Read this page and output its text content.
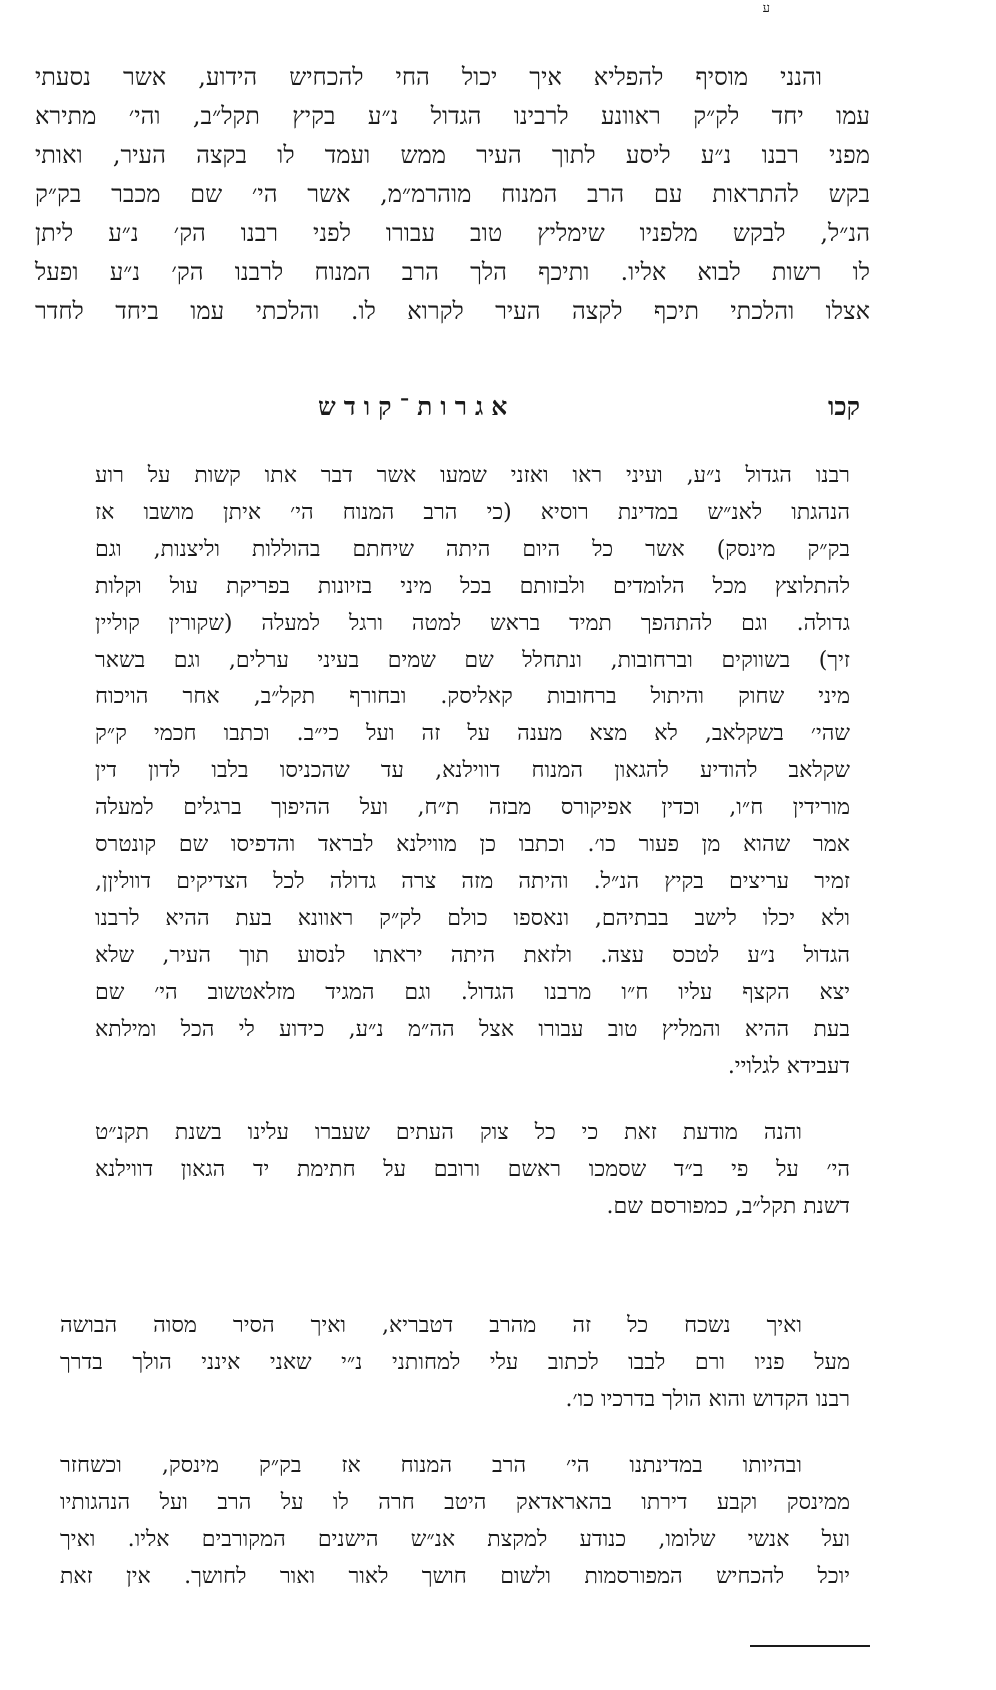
ע
והנני מוסיף להפליא איך יכול החי להכחיש הידוע, אשר נסעתי
עמו יחד לק״ק ראוונע לרבינו הגדול נ״ע בקיץ תקל״ב, והי׳ מתירא
מפני רבנו נ״ע ליסע לתוך העיר ממש ועמד לו בקצה העיר, ואותי
בקש להתראות עם הרב המנוח מוהרמ״מ, אשר הי׳ שם מכבר בק״ק
הנ״ל, לבקש מלפניו שימליץ טוב עבורו לפני רבנו הק׳ נ״ע ליתן
לו רשות לבוא אליו. ותיכף הלך הרב המנוח לרבנו הק׳ נ״ע ופעל
אצלו והלכתי תיכף לקצה העיר לקרוא לו. והלכתי עמו ביחד לחדר
קכו
אגרות־קודש
רבנו הגדול נ״ע, ועיני ראו ואזני שמעו אשר דבר אתו קשות על רוע
הנהגתו לאנ״ש במדינת רוסיא (כי הרב המנוח הי׳ איתן מושבו אז
בק״ק מינסק) אשר כל היום היתה שיחתם בהוללות וליצנות, וגם
להתלוצץ מכל הלומדים ולבזותם בכל מיני בזיונות בפריקת עול וקלות
גדולה. וגם להתהפך תמיד בראש למטה ורגל למעלה (שקורין קוליין
זיך) בשווקים וברחובות, ונתחלל שם שמים בעיני ערלים, וגם בשאר
מיני שחוק והיתול ברחובות קאליסק. ובחורף תקל״ב, אחר הויכוח
שהי׳ בשקלאב, לא מצא מענה על זה ועל כי״ב. וכתבו חכמי ק״ק
שקלאב להודיע להגאון המנוח דווילנא, עד שהכניסו בלבו לדון דין
מורידין ח״ו, וכדין אפיקורס מבזה ת״ח, ועל ההיפוך ברגלים למעלה
אמר שהוא מן פעור כו׳. וכתבו כן מווילנא לבראד והדפיסו שם קונטרס
זמיר עריצים בקיץ הנ״ל. והיתה מזה צרה גדולה לכל הצדיקים דווליןן,
ולא יכלו לישב בבתיהם, ונאספו כולם לק״ק ראוונא בעת ההיא לרבנו
הגדול נ״ע לטכס עצה. ולזאת היתה יראתו לנסוע תוך העיר, שלא
יצא הקצף עליו ח״ו מרבנו הגדול. וגם המגיד מזלאטשוב הי׳ שם
בעת ההיא והמליץ טוב עבורו אצל הה״מ נ״ע, כידוע לי הכל ומילתא
דעבידא לגלויי.
והנה מודעת זאת כי כל צוק העתים שעברו עלינו בשנת תקנ״ט
הי׳ על פי ב״ד שסמכו ראשם ורובם על חתימת יד הגאון דווילנא
דשנת תקל״ב, כמפורסם שם.
ואיך נשכח כל זה מהרב דטבריא, ואיך הסיר מסוה הבושה
מעל פניו ורם לבבו לכתוב עלי למחותני נ״י שאני אינני הולך בדרך
רבנו הקדוש והוא הולך בדרכיו כו׳.
ובהיותו במדינתנו הי׳ הרב המנוח אז בק״ק מינסק, וכשחזר
ממינסק וקבע דירתו בהאראדאק היטב חרה לו על הרב ועל הנהגותיו
ועל אנשי שלומו, כנודע למקצת אנ״ש הישנים המקורבים אליו. ואיך
יוכל להכחיש המפורסמות ולשום חושך לאור ואור לחושך. אין זאת
